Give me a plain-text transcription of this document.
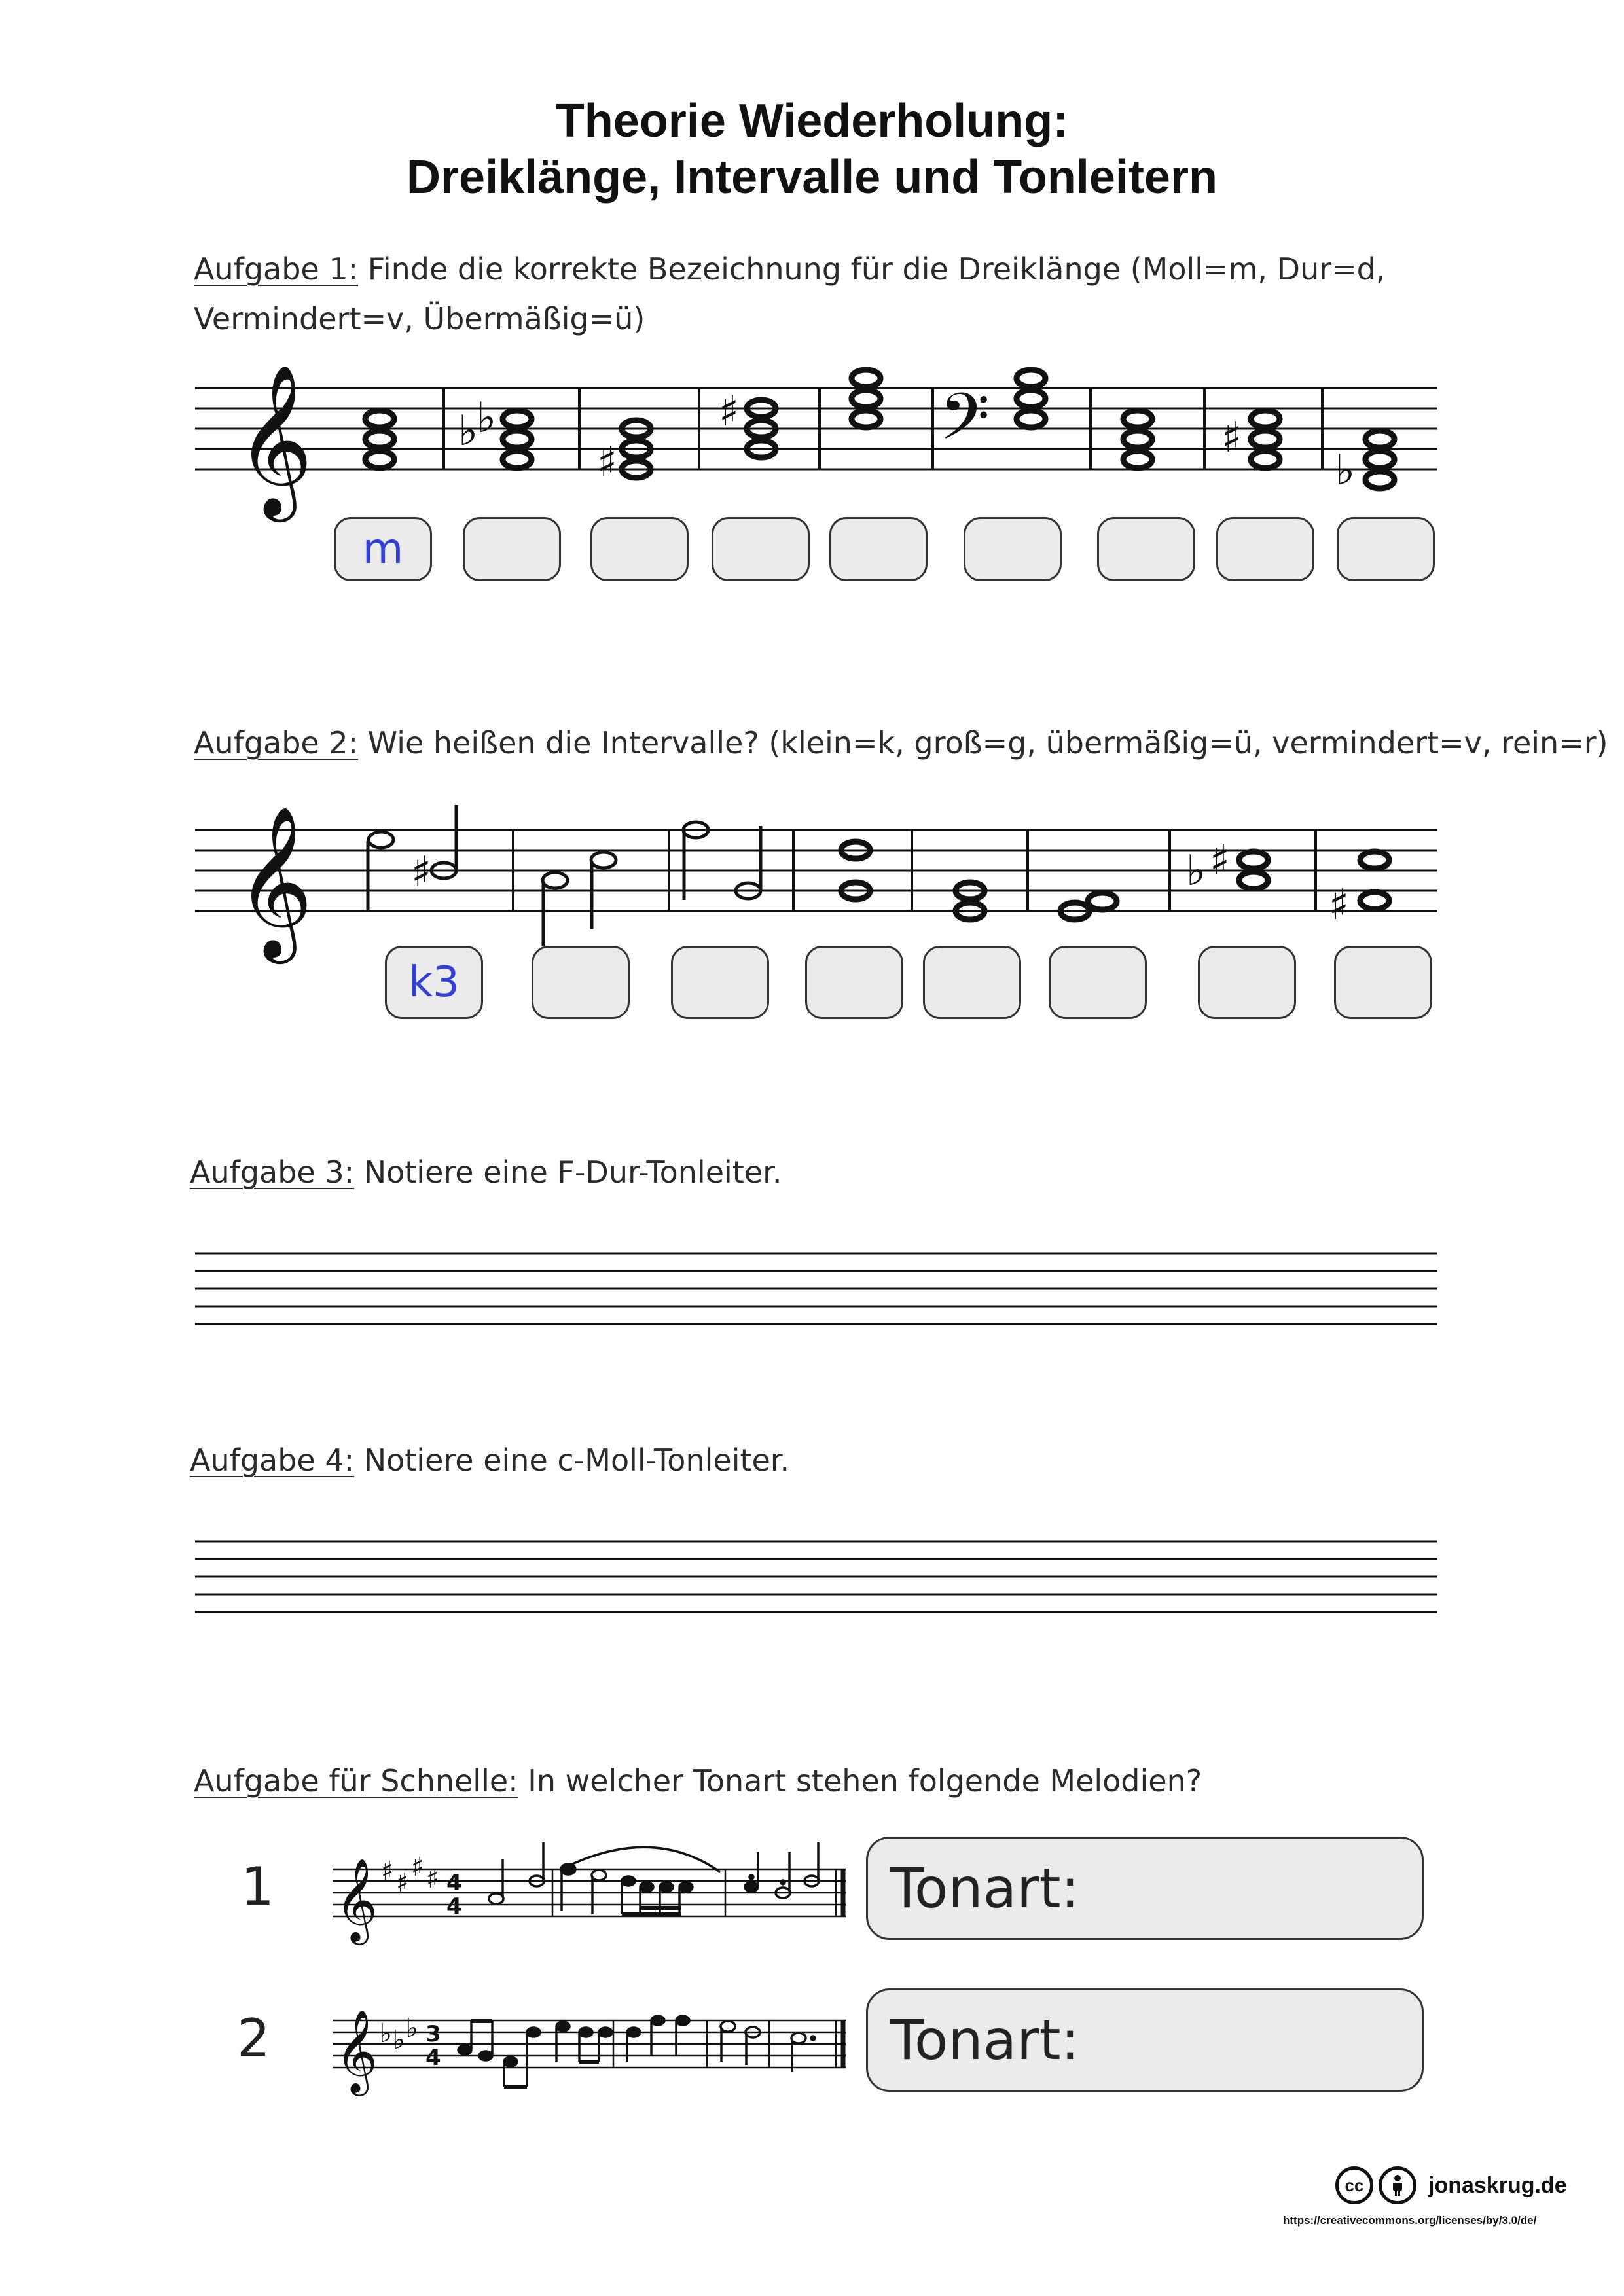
Theorie Wiederholung:
Dreiklänge, Intervalle und Tonleitern
Aufgabe 1: Finde die korrekte Bezeichnung für die Dreiklänge (Moll=m, Dur=d,
Vermindert=v, Übermäßig=ü)
Aufgabe 2: Wie heißen die Intervalle? (klein=k, groß=g, übermäßig=ü, vermindert=v, rein=r)
Aufgabe 3: Notiere eine F-Dur-Tonleiter.
Aufgabe 4: Notiere eine c-Moll-Tonleiter.
Aufgabe für Schnelle: In welcher Tonart stehen folgende Melodien?
𝄞	𝄢
𝄞
𝄞
𝄞
♭
♭
♯
♯
♯
♭
♯	♭ ♯
♯
♯ ♯
♯ ♯ 4
4
♭ ♭ ♭ 3
4
m
k3
1
2
Tonart:
Tonart:
cc	jonaskrug.de
https://creativecommons.org/licenses/by/3.0/de/
